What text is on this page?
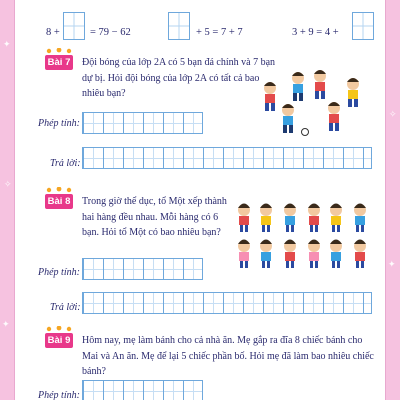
✦
✧
✦
✧
✦
8 +	= 79 − 62	+ 5 = 7 + 7	3 + 9 = 4 +
Bài 7 Đội bóng của lớp 2A có 5 bạn đá chính và 7 bạn dự bị. Hỏi đội bóng của lớp 2A có tất cả bao nhiêu bạn?
Phép tính:
Trả lời:
Bài 8 Trong giờ thể dục, tổ Một xếp thành hai hàng đều nhau. Mỗi hàng có 6 bạn. Hỏi tổ Một có bao nhiêu bạn?
Phép tính:
Trả lời:
Bài 9 Hôm nay, mẹ làm bánh cho cả nhà ăn. Mẹ gắp ra đĩa 8 chiếc bánh cho Mai và An ăn. Mẹ để lại 5 chiếc phần bố. Hỏi mẹ đã làm bao nhiêu chiếc bánh?
Phép tính:
